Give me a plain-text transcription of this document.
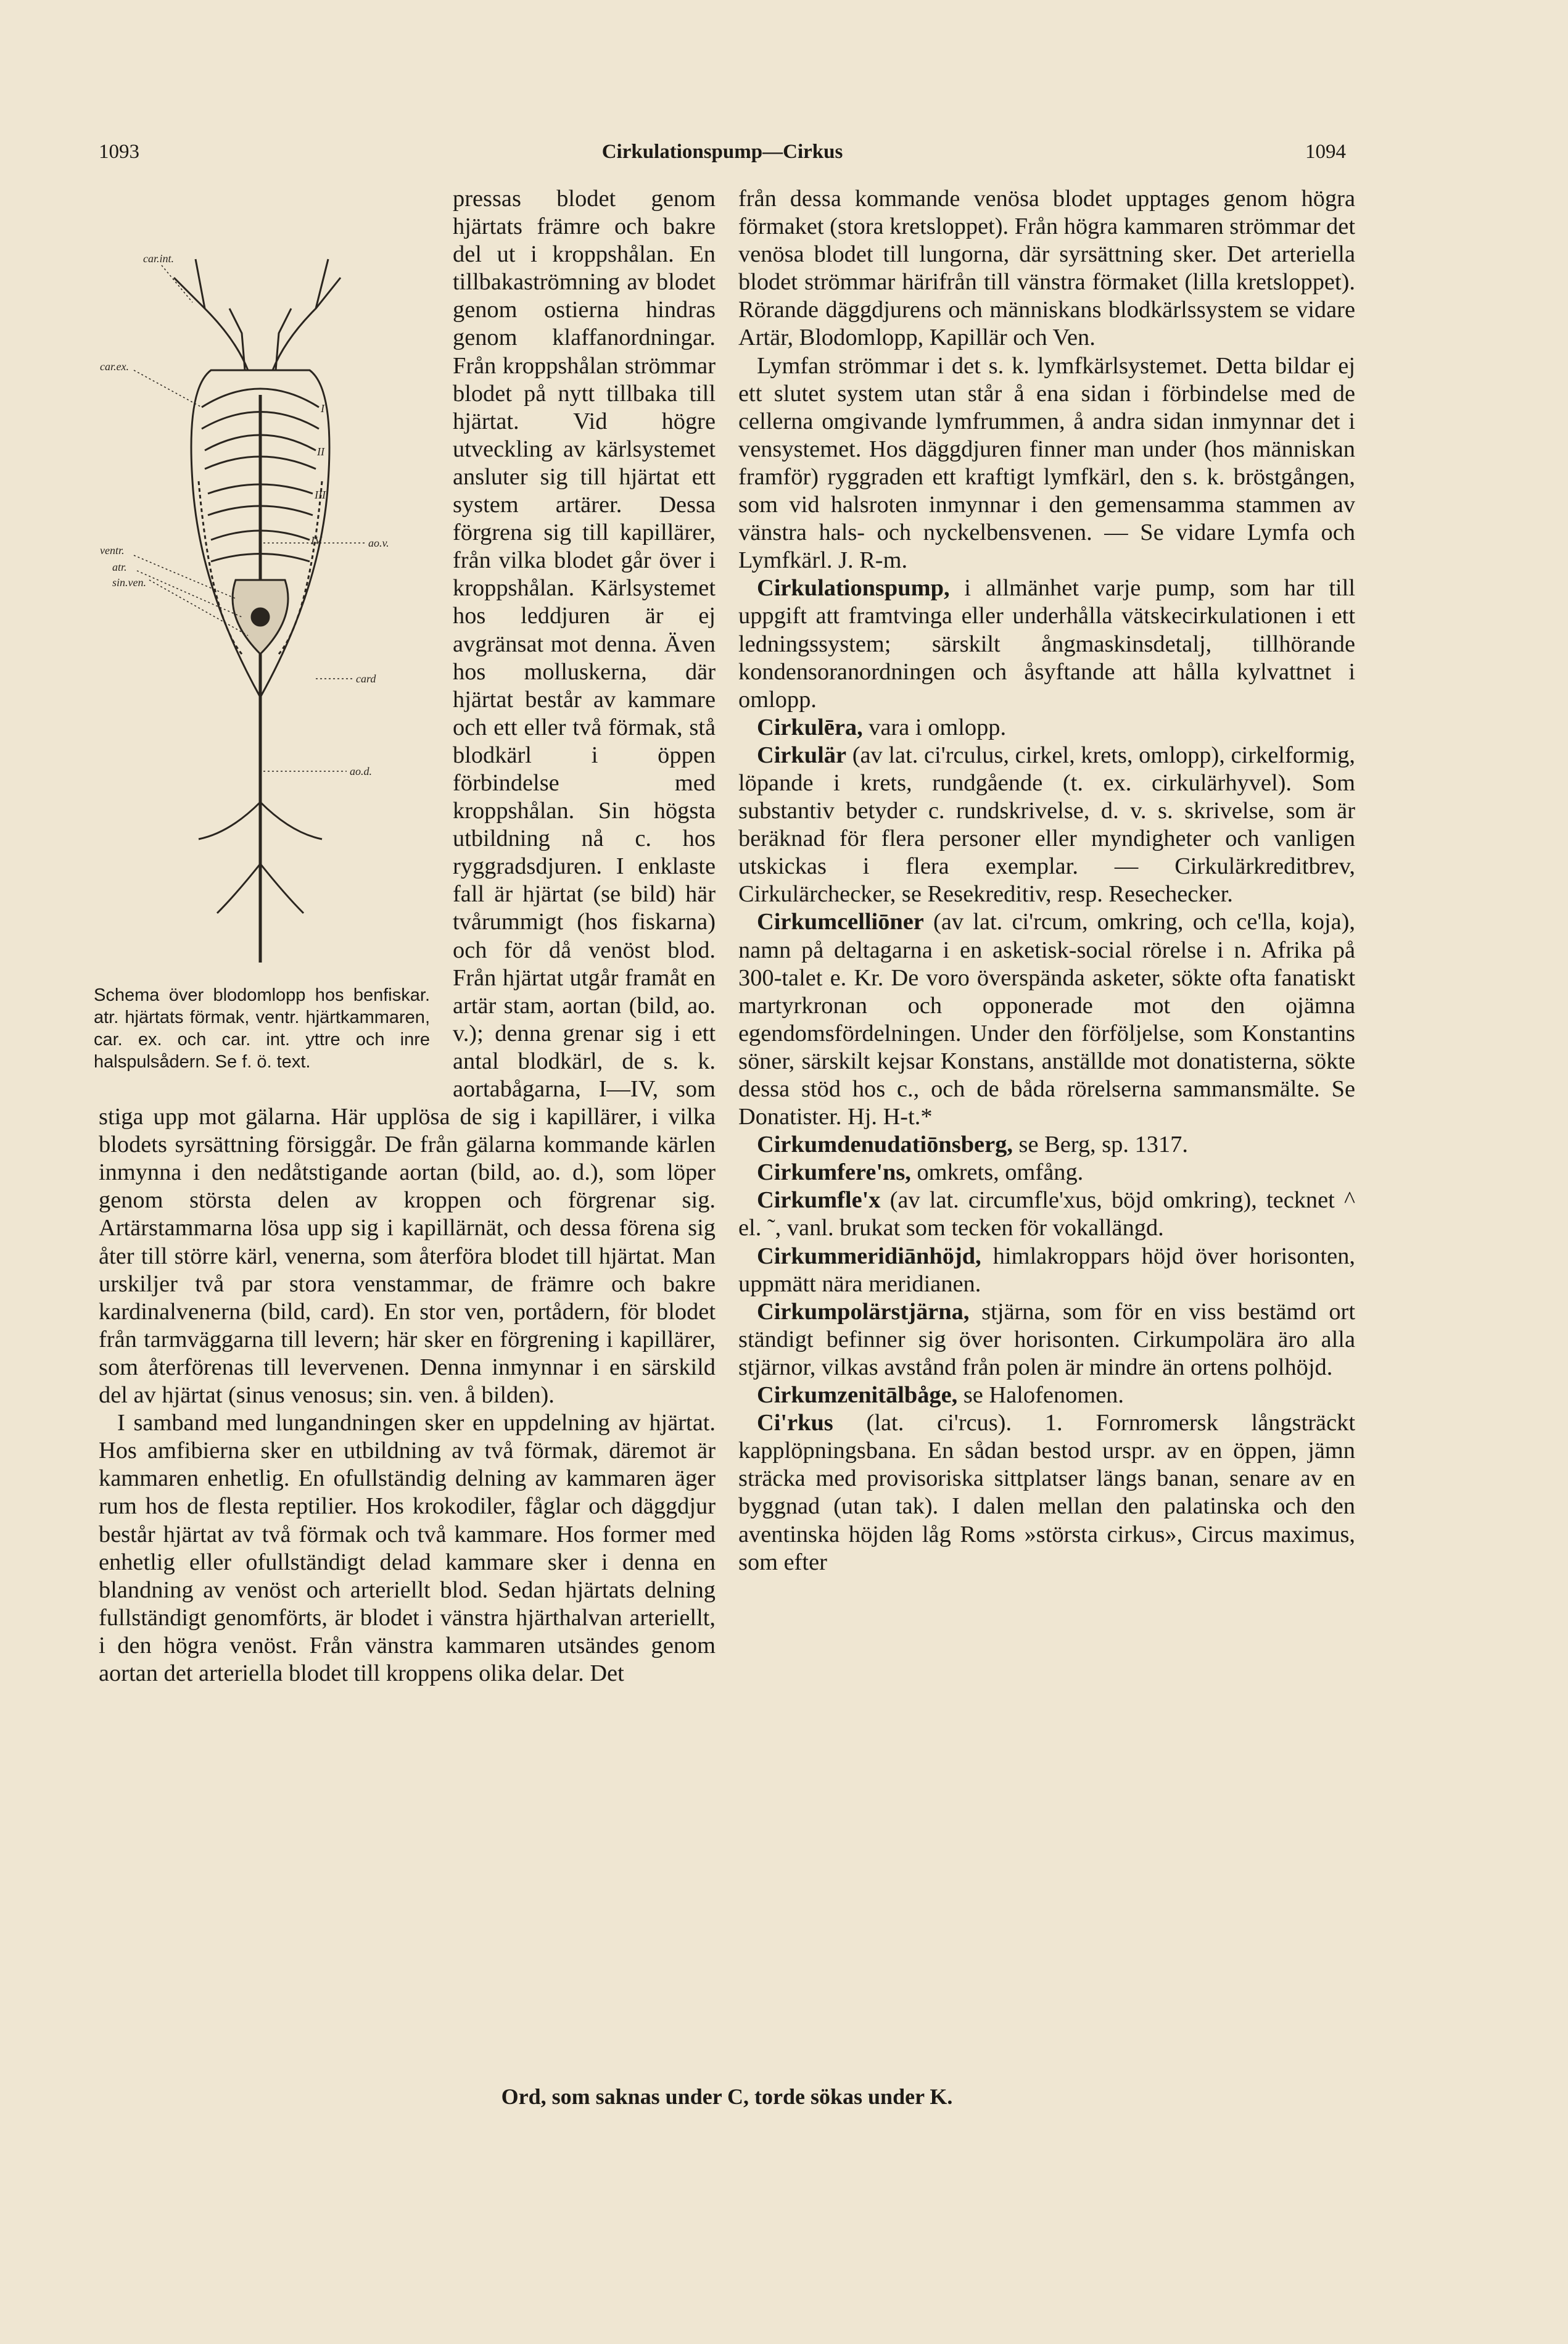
1093	Cirkulationspump—Cirkus	1094
car.int.
car.ex.
ventr.
atr.
sin.ven.
ao.v.
card
ao.d.
I
II
III
IV
Schema över blodomlopp hos benfiskar. atr. hjärtats förmak, ventr. hjärtkammaren, car. ex. och car. int. yttre och inre halspulsådern. Se f. ö. text.

pressas blodet genom hjärtats främre och bakre del ut i kroppshålan. En tillbakaströmning av blodet genom ostierna hindras genom klaffanordningar. Från kroppshålan strömmar blodet på nytt tillbaka till hjärtat. Vid högre utveckling av kärlsystemet ansluter sig till hjärtat ett system artärer. Dessa förgrena sig till kapillärer, från vilka blodet går över i kroppshålan. Kärlsystemet hos leddjuren är ej avgränsat mot denna. Även hos molluskerna, där hjärtat består av kammare och ett eller två förmak, stå blodkärl i öppen förbindelse med kroppshålan. Sin högsta utbildning nå c. hos ryggradsdjuren. I enklaste fall är hjärtat (se bild) här tvårummigt (hos fiskarna) och för då venöst blod. Från hjärtat utgår framåt en artär stam, aortan (bild, ao. v.); denna grenar sig i ett antal blodkärl, de s. k. aortabågarna, I—IV, som stiga upp mot gälarna. Här upplösa de sig i kapillärer, i vilka blodets syrsättning försiggår. De från gälarna kommande kärlen inmynna i den nedåtstigande aortan (bild, ao. d.), som löper genom största delen av kroppen och förgrenar sig. Artärstammarna lösa upp sig i kapillärnät, och dessa förena sig åter till större kärl, venerna, som återföra blodet till hjärtat. Man urskiljer två par stora venstammar, de främre och bakre kardinalvenerna (bild, card). En stor ven, portådern, för blodet från tarmväggarna till levern; här sker en förgrening i kapillärer, som återförenas till levervenen. Denna inmynnar i en särskild del av hjärtat (sinus venosus; sin. ven. å bilden).

I samband med lungandningen sker en uppdelning av hjärtat. Hos amfibierna sker en utbildning av två förmak, däremot är kammaren enhetlig. En ofullständig delning av kammaren äger rum hos de flesta reptilier. Hos krokodiler, fåglar och däggdjur består hjärtat av två förmak och två kammare. Hos former med enhetlig eller ofullständigt delad kammare sker i denna en blandning av venöst och arteriellt blod. Sedan hjärtats delning fullständigt genomförts, är blodet i vänstra hjärthalvan arteriellt, i den högra venöst. Från vänstra kammaren utsändes genom aortan det arteriella blodet till kroppens olika delar. Det

från dessa kommande venösa blodet upptages genom högra förmaket (stora kretsloppet). Från högra kammaren strömmar det venösa blodet till lungorna, där syrsättning sker. Det arteriella blodet strömmar härifrån till vänstra förmaket (lilla kretsloppet). Rörande däggdjurens och människans blodkärlssystem se vidare Artär, Blodomlopp, Kapillär och Ven.

Lymfan strömmar i det s. k. lymfkärlsystemet. Detta bildar ej ett slutet system utan står å ena sidan i förbindelse med de cellerna omgivande lymfrummen, å andra sidan inmynnar det i vensystemet. Hos däggdjuren finner man under (hos människan framför) ryggraden ett kraftigt lymfkärl, den s. k. bröstgången, som vid halsroten inmynnar i den gemensamma stammen av vänstra hals- och nyckelbensvenen. — Se vidare Lymfa och Lymfkärl. J. R-m.

Cirkulationspump, i allmänhet varje pump, som har till uppgift att framtvinga eller underhålla vätskecirkulationen i ett ledningssystem; särskilt ångmaskinsdetalj, tillhörande kondensoranordningen och åsyftande att hålla kylvattnet i omlopp.

Cirkulēra, vara i omlopp.

Cirkulär (av lat. ci'rculus, cirkel, krets, omlopp), cirkelformig, löpande i krets, rundgående (t. ex. cirkulärhyvel). Som substantiv betyder c. rundskrivelse, d. v. s. skrivelse, som är beräknad för flera personer eller myndigheter och vanligen utskickas i flera exemplar. — Cirkulärkreditbrev, Cirkulärchecker, se Resekreditiv, resp. Resechecker.

Cirkumcelliōner (av lat. ci'rcum, omkring, och ce'lla, koja), namn på deltagarna i en asketisk-social rörelse i n. Afrika på 300-talet e. Kr. De voro överspända asketer, sökte ofta fanatiskt martyrkronan och opponerade mot den ojämna egendomsfördelningen. Under den förföljelse, som Konstantins söner, särskilt kejsar Konstans, anställde mot donatisterna, sökte dessa stöd hos c., och de båda rörelserna sammansmälte. Se Donatister. Hj. H-t.*

Cirkumdenudatiōnsberg, se Berg, sp. 1317.

Cirkumfere'ns, omkrets, omfång.

Cirkumfle'x (av lat. circumfle'xus, böjd omkring), tecknet ^ el. ˜, vanl. brukat som tecken för vokallängd.

Cirkummeridiānhöjd, himlakroppars höjd över horisonten, uppmätt nära meridianen.

Cirkumpolärstjärna, stjärna, som för en viss bestämd ort ständigt befinner sig över horisonten. Cirkumpolära äro alla stjärnor, vilkas avstånd från polen är mindre än ortens polhöjd.

Cirkumzenitālbåge, se Halofenomen.

Ci'rkus (lat. ci'rcus). 1. Fornromersk långsträckt kapplöpningsbana. En sådan bestod urspr. av en öppen, jämn sträcka med provisoriska sittplatser längs banan, senare av en byggnad (utan tak). I dalen mellan den palatinska och den aventinska höjden låg Roms »största cirkus», Circus maximus, som efter

Ord, som saknas under C, torde sökas under K.
